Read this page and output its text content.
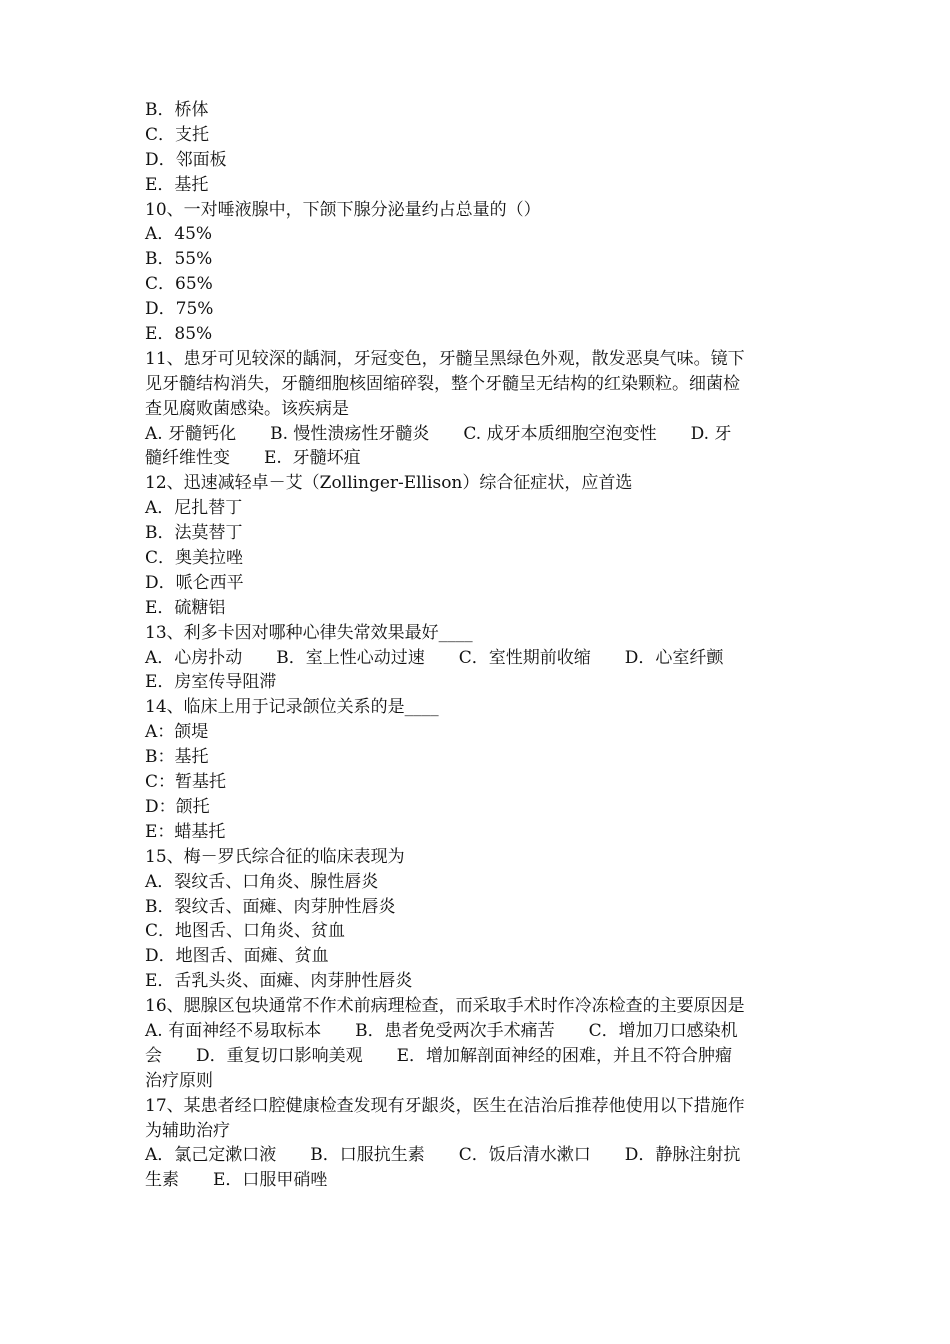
B．桥体
C．支托
D．邻面板
E．基托
10、一对唾液腺中，下颌下腺分泌量约占总量的（）
A．45%
B．55%
C．65%
D．75%
E．85%
11、患牙可见较深的龋洞，牙冠变色，牙髓呈黑绿色外观，散发恶臭气味。镜下
见牙髓结构消失，牙髓细胞核固缩碎裂，整个牙髓呈无结构的红染颗粒。细菌检
查见腐败菌感染。该疾病是
A. 牙髓钙化　　B. 慢性溃疡性牙髓炎　　C. 成牙本质细胞空泡变性　　D. 牙
髓纤维性变　　E.  牙髓坏疽
12、迅速减轻卓－艾（Zollinger-Ellison）综合征症状，应首选
A．尼扎替丁
B．法莫替丁
C．奥美拉唑
D．哌仑西平
E．硫糖铝
13、利多卡因对哪种心律失常效果最好____
A．心房扑动　　B．室上性心动过速　　C．室性期前收缩　　D．心室纤颤
E．房室传导阻滞
14、临床上用于记录颌位关系的是____
A：颌堤
B：基托
C：暂基托
D：颌托
E：蜡基托
15、梅－罗氏综合征的临床表现为
A．裂纹舌、口角炎、腺性唇炎
B．裂纹舌、面瘫、肉芽肿性唇炎
C．地图舌、口角炎、贫血
D．地图舌、面瘫、贫血
E．舌乳头炎、面瘫、肉芽肿性唇炎
16、腮腺区包块通常不作术前病理检查，而采取手术时作冷冻检查的主要原因是
A. 有面神经不易取标本　　B．患者免受两次手术痛苦　　C．增加刀口感染机
会　　D．重复切口影响美观　　E．增加解剖面神经的困难，并且不符合肿瘤
治疗原则
17、某患者经口腔健康检查发现有牙龈炎，医生在洁治后推荐他使用以下措施作
为辅助治疗
A．氯己定漱口液　　B．口服抗生素　　C．饭后清水漱口　　D．静脉注射抗
生素　　E．口服甲硝唑
